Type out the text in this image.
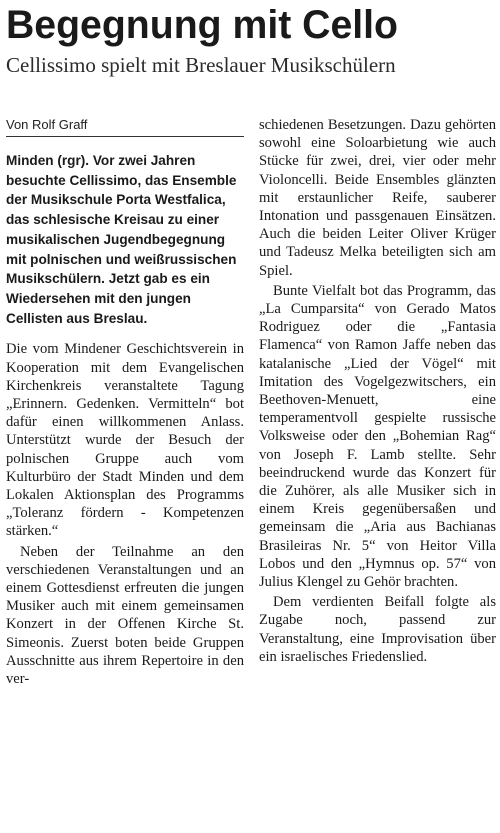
Begegnung mit Cello
Cellissimo spielt mit Breslauer Musikschülern
Von Rolf Graff
Minden (rgr). Vor zwei Jahren besuchte Cellissimo, das Ensemble der Musikschule Porta Westfalica, das schlesische Kreisau zu einer musikalischen Jugendbegegnung mit polnischen und weißrussischen Musikschülern. Jetzt gab es ein Wiedersehen mit den jungen Cellisten aus Breslau.

Die vom Mindener Geschichtsverein in Kooperation mit dem Evangelischen Kirchenkreis veranstaltete Tagung „Erinnern. Gedenken. Vermitteln“ bot dafür einen willkommenen Anlass. Unterstützt wurde der Besuch der polnischen Gruppe auch vom Kulturbüro der Stadt Minden und dem Lokalen Aktionsplan des Programms „Toleranz fördern - Kompetenzen stärken.“

Neben der Teilnahme an den verschiedenen Veranstaltungen und an einem Gottesdienst erfreuten die jungen Musiker auch mit einem gemeinsamen Konzert in der Offenen Kirche St. Simeonis. Zuerst boten beide Gruppen Ausschnitte aus ihrem Repertoire in den ver-

schiedenen Besetzungen. Dazu gehörten sowohl eine Soloarbietung wie auch Stücke für zwei, drei, vier oder mehr Violoncelli. Beide Ensembles glänzten mit erstaunlicher Reife, sauberer Intonation und passgenauen Einsätzen. Auch die beiden Leiter Oliver Krüger und Tadeusz Melka beteiligten sich am Spiel.

Bunte Vielfalt bot das Programm, das „La Cumparsita“ von Gerado Matos Rodriguez oder die „Fantasia Flamenca“ von Ramon Jaffe neben das katalanische „Lied der Vögel“ mit Imitation des Vogelgezwitschers, ein Beethoven-Menuett, eine temperamentvoll gespielte russische Volksweise oder den „Bohemian Rag“ von Joseph F. Lamb stellte. Sehr beeindruckend wurde das Konzert für die Zuhörer, als alle Musiker sich in einem Kreis gegenübersaßen und gemeinsam die „Aria aus Bachianas Brasileiras Nr. 5“ von Heitor Villa Lobos und den „Hymnus op. 57“ von Julius Klengel zu Gehör brachten.

Dem verdienten Beifall folgte als Zugabe noch, passend zur Veranstaltung, eine Improvisation über ein israelisches Friedenslied.
